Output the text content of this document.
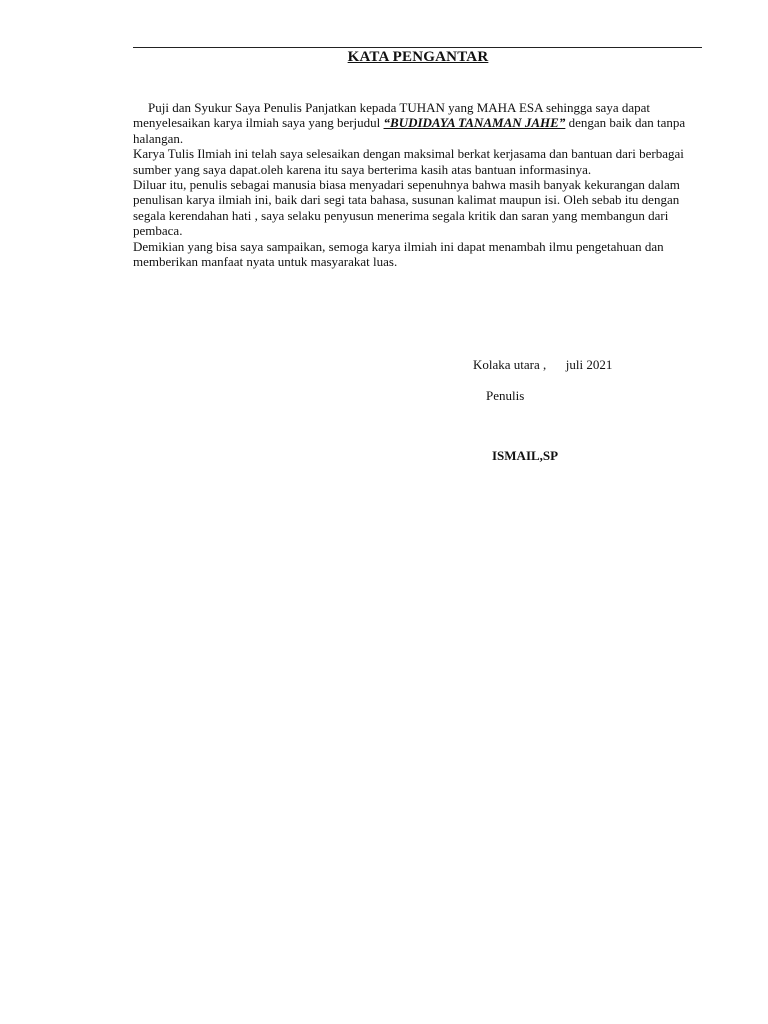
KATA PENGANTAR

Puji dan Syukur Saya Penulis Panjatkan kepada TUHAN yang MAHA ESA sehingga saya dapat menyelesaikan karya ilmiah saya yang berjudul “BUDIDAYA TANAMAN JAHE” dengan baik dan tanpa halangan.

Karya Tulis Ilmiah ini telah saya selesaikan dengan maksimal berkat kerjasama dan bantuan dari berbagai sumber yang saya dapat.oleh karena itu saya berterima kasih atas bantuan informasinya.

Diluar itu, penulis sebagai manusia biasa menyadari sepenuhnya bahwa masih banyak kekurangan dalam penulisan karya ilmiah ini, baik dari segi tata bahasa, susunan kalimat maupun isi. Oleh sebab itu dengan segala kerendahan hati , saya selaku penyusun menerima segala kritik dan saran yang membangun dari pembaca.

Demikian yang bisa saya sampaikan, semoga karya ilmiah ini dapat menambah ilmu pengetahuan dan memberikan manfaat nyata untuk masyarakat luas.

Kolaka utara ,      juli 2021
Penulis
ISMAIL,SP
